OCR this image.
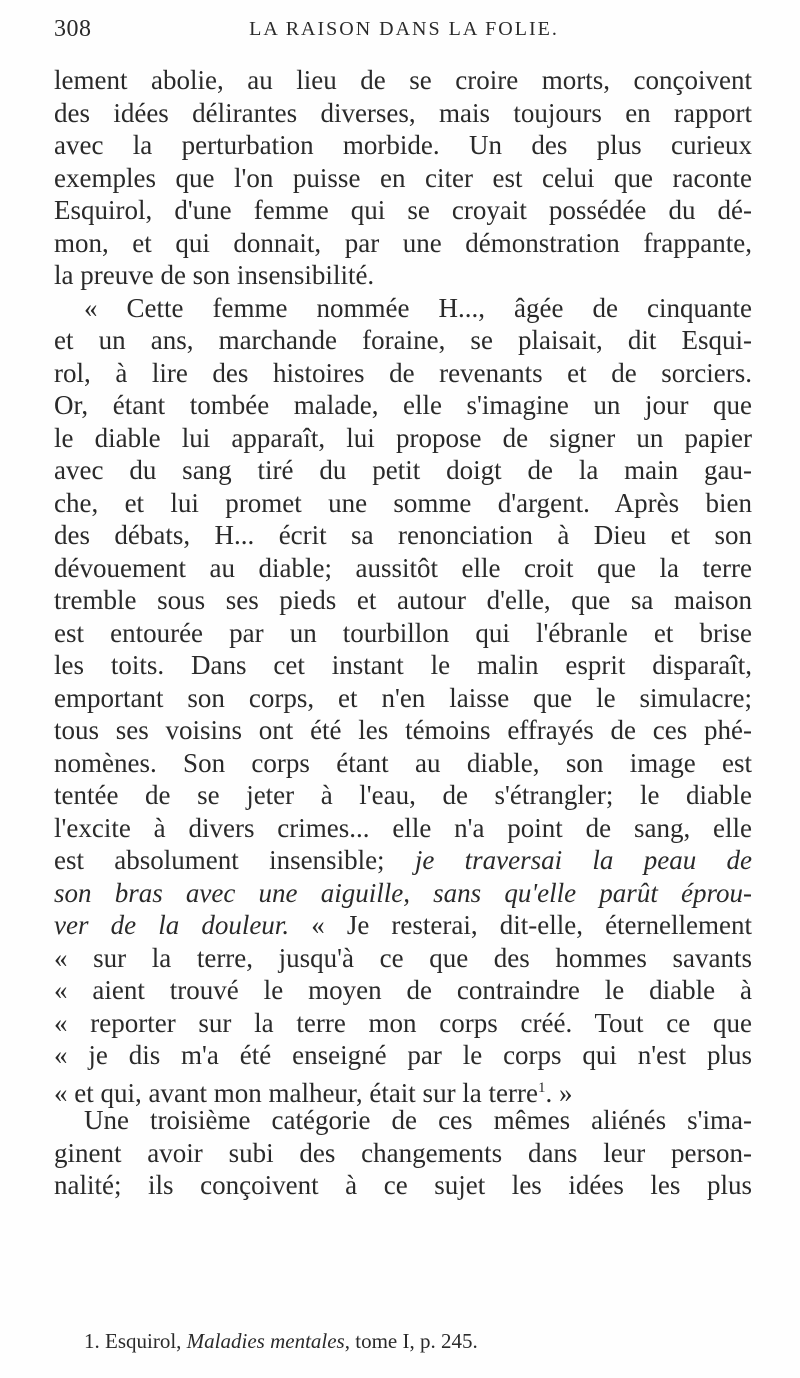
308	LA RAISON DANS LA FOLIE.
lement abolie, au lieu de se croire morts, conçoivent
des idées délirantes diverses, mais toujours en rapport
avec la perturbation morbide. Un des plus curieux
exemples que l'on puisse en citer est celui que raconte
Esquirol, d'une femme qui se croyait possédée du dé-
mon, et qui donnait, par une démonstration frappante,
la preuve de son insensibilité.
« Cette femme nommée H..., âgée de cinquante
et un ans, marchande foraine, se plaisait, dit Esqui-
rol, à lire des histoires de revenants et de sorciers.
Or, étant tombée malade, elle s'imagine un jour que
le diable lui apparaît, lui propose de signer un papier
avec du sang tiré du petit doigt de la main gau-
che, et lui promet une somme d'argent. Après bien
des débats, H... écrit sa renonciation à Dieu et son
dévouement au diable; aussitôt elle croit que la terre
tremble sous ses pieds et autour d'elle, que sa maison
est entourée par un tourbillon qui l'ébranle et brise
les toits. Dans cet instant le malin esprit disparaît,
emportant son corps, et n'en laisse que le simulacre;
tous ses voisins ont été les témoins effrayés de ces phé-
nomènes. Son corps étant au diable, son image est
tentée de se jeter à l'eau, de s'étrangler; le diable
l'excite à divers crimes... elle n'a point de sang, elle
est absolument insensible; je traversai la peau de
son bras avec une aiguille, sans qu'elle parût éprou-
ver de la douleur. « Je resterai, dit-elle, éternellement
« sur la terre, jusqu'à ce que des hommes savants
« aient trouvé le moyen de contraindre le diable à
« reporter sur la terre mon corps créé. Tout ce que
« je dis m'a été enseigné par le corps qui n'est plus
« et qui, avant mon malheur, était sur la terre$^1$. »
Une troisième catégorie de ces mêmes aliénés s'ima-
ginent avoir subi des changements dans leur person-
nalité; ils conçoivent à ce sujet les idées les plus
1. Esquirol, Maladies mentales, tome I, p. 245.
